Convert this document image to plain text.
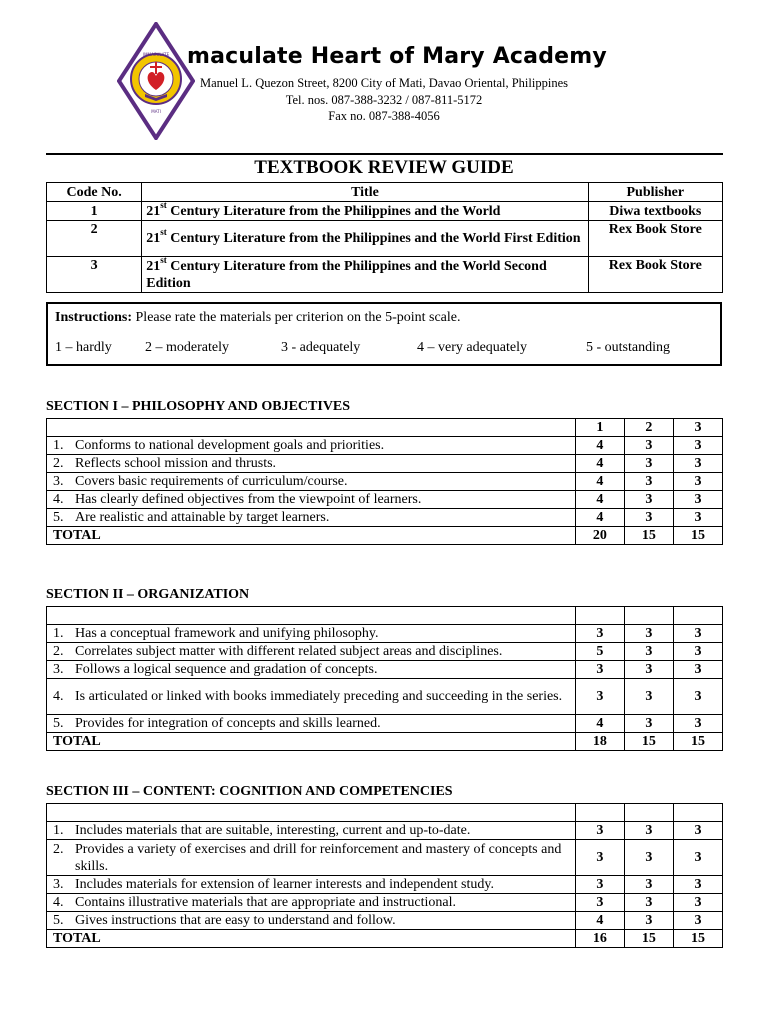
IMMACULATE
MATI
maculate Heart of Mary Academy
Manuel L. Quezon Street, 8200 City of Mati, Davao Oriental, Philippines
Tel. nos. 087-388-3232 / 087-811-5172
Fax no. 087-388-4056
TEXTBOOK REVIEW GUIDE
Code No.	Title	Publisher
1	21st Century Literature from the Philippines and the World	Diwa textbooks
2	21st Century Literature from the Philippines and the World First Edition	Rex Book Store
3	21st Century Literature from the Philippines and the World Second Edition	Rex Book Store
Instructions: Please rate the materials per criterion on the 5-point scale.
1 – hardly 2 – moderately	3 - adequately	4 – very adequately	5 - outstanding
SECTION I – PHILOSOPHY AND OBJECTIVES
	1	2	3
1. Conforms to national development goals and priorities.	4	3	3
2. Reflects school mission and thrusts.	4	3	3
3. Covers basic requirements of curriculum/course.	4	3	3
4. Has clearly defined objectives from the viewpoint of learners.	4	3	3
5. Are realistic and attainable by target learners.	4	3	3
TOTAL	20	15	15
SECTION II – ORGANIZATION

1. Has a conceptual framework and unifying philosophy.	3	3	3
2. Correlates subject matter with different related subject areas and disciplines.	5	3	3
3. Follows a logical sequence and gradation of concepts.	3	3	3
4. Is articulated or linked with books immediately preceding and succeeding in the series.	3	3	3
5. Provides for integration of concepts and skills learned.	4	3	3
TOTAL	18	15	15
SECTION III – CONTENT: COGNITION AND COMPETENCIES

1. Includes materials that are suitable, interesting, current and up-to-date.	3	3	3
2. Provides a variety of exercises and drill for reinforcement and mastery of concepts and skills.	3	3	3
3. Includes materials for extension of learner interests and independent study.	3	3	3
4. Contains illustrative materials that are appropriate and instructional.	3	3	3
5. Gives instructions that are easy to understand and follow.	4	3	3
TOTAL	16	15	15
